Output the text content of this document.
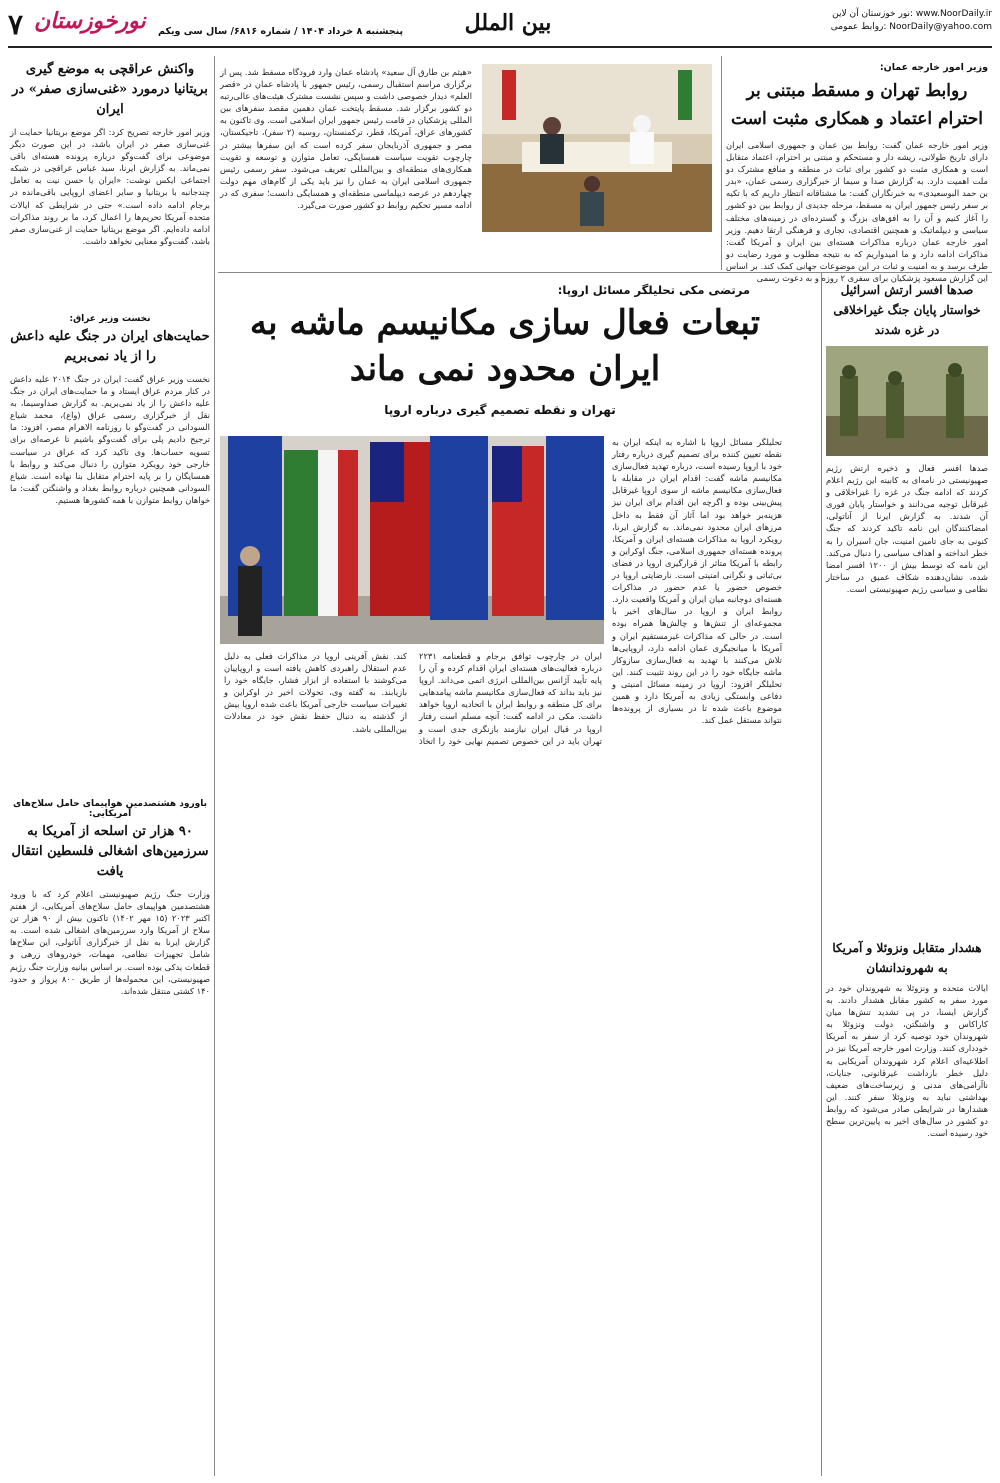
نور خوزستان آن لاین: www.NoorDaily.ir
روابط عمومی: NoorDaily@yahoo.com
بین الملل
۷ نورخوزستان پنجشنبه ۸ خرداد ۱۴۰۴ / شماره ۶۸۱۶/ سال سی ویکم
وزیر امور خارجه عمان:
روابط تهران و مسقط مبتنی بر احترام اعتماد و همکاری مثبت است
وزیر امور خارجه عمان گفت: روابط بین عمان و جمهوری اسلامی ایران دارای تاریخ طولانی، ریشه دار و مستحکم و مبتنی بر احترام، اعتماد متقابل است و همکاری مثبت دو کشور برای ثبات در منطقه و منافع مشترک دو ملت اهمیت دارد. به گزارش صدا و سیما از خبرگزاری رسمی عمان، «بدر بن حمد البوسعیدی» به خبرنگاران گفت: ما مشتاقانه انتظار داریم که با تکیه بر سفر رئیس جمهور ایران به مسقط، مرحله جدیدی از روابط بین دو کشور را آغاز کنیم و آن را به افق‌های بزرگ و گسترده‌ای در زمینه‌های مختلف سیاسی و دیپلماتیک و همچنین اقتصادی، تجاری و فرهنگی ارتقا دهیم. وزیر امور خارجه عمان درباره مذاکرات هسته‌ای بین ایران و آمریکا گفت: مذاکرات ادامه دارد و ما امیدواریم که به نتیجه مطلوب و مورد رضایت دو طرف برسد و به امنیت و ثبات در این موضوعات جهانی کمک کند. بر اساس این گزارش مسعود پزشکیان برای سفری ۲ روزه و به دعوت رسمی
«هیثم بن طارق آل سعید» پادشاه عمان وارد فرودگاه مسقط شد. پس از برگزاری مراسم استقبال رسمی، رئیس جمهور با پادشاه عمان در «قصر العلم» دیدار خصوصی داشت و سپس نشست مشترک هیئت‌های عالی‌رتبه دو کشور برگزار شد. مسقط پایتخت عمان دهمین مقصد سفرهای بین المللی پزشکیان در قامت رئیس جمهور ایران اسلامی است. وی تاکنون به کشورهای عراق، آمریکا، قطر، ترکمنستان، روسیه (۲ سفر)، تاجیکستان، مصر و جمهوری آذربایجان سفر کرده است که این سفرها بیشتر در چارچوب تقویت سیاست همسایگی، تعامل متوازن و توسعه و تقویت همکاری‌های منطقه‌ای و بین‌المللی تعریف می‌شود. سفر رسمی رئیس جمهوری اسلامی ایران به عمان را نیز باید یکی از گام‌های مهم دولت چهاردهم در عرصه دیپلماسی منطقه‌ای و همسایگی دانست؛ سفری که در ادامه مسیر تحکیم روابط دو کشور صورت می‌گیرد.
واکنش عراقچی به موضع گیری بریتانیا درمورد «غنی‌سازی صفر» در ایران
وزیر امور خارجه تصریح کرد: اگر موضع بریتانیا حمایت از غنی‌سازی صفر در ایران باشد، در این صورت دیگر موضوعی برای گفت‌وگو درباره پرونده هسته‌ای باقی نمی‌ماند. به گزارش ایرنا، سید عباس عراقچی در شبکه اجتماعی ایکس نوشت: «ایران یا حسن نیت به تعامل چندجانبه با بریتانیا و سایر اعضای اروپایی باقی‌مانده در برجام ادامه داده است.» حتی در شرایطی که ایالات متحده آمریکا تحریم‌ها را اعمال کرد، ما بر روند مذاکرات ادامه داده‌ایم. اگر موضع بریتانیا حمایت از غنی‌سازی صفر باشد، گفت‌وگو معنایی نخواهد داشت.
نخست وزیر عراق:
حمایت‌های ایران در جنگ علیه داعش را از یاد نمی‌بریم
نخست وزیر عراق گفت: ایران در جنگ ۲۰۱۴ علیه داعش در کنار مردم عراق ایستاد و ما حمایت‌های ایران در جنگ علیه داعش را از یاد نمی‌بریم. به گزارش صداوسیما، به نقل از خبرگزاری رسمی عراق (واع)، محمد شیاع السودانی در گفت‌وگو با روزنامه الاهرام مصر، افزود: ما ترجیح دادیم پلی برای گفت‌وگو باشیم تا عرصه‌ای برای تسویه حساب‌ها. وی تاکید کرد که عراق در سیاست خارجی خود رویکرد متوازن را دنبال می‌کند و روابط با همسایگان را بر پایه احترام متقابل بنا نهاده است. شیاع السودانی همچنین درباره روابط بغداد و واشنگتن گفت: ما خواهان روابط متوازن با همه کشورها هستیم.
باورود هشتصدمین هواپیمای حامل سلاح‌های آمریکایی:
۹۰ هزار تن اسلحه از آمریکا به سرزمین‌های اشغالی فلسطین انتقال یافت
وزارت جنگ رژیم صهیونیستی اعلام کرد که با ورود هشتصدمین هواپیمای حامل سلاح‌های آمریکایی، از هفتم اکتبر ۲۰۲۳ (۱۵ مهر ۱۴۰۲) تاکنون بیش از ۹۰ هزار تن سلاح از آمریکا وارد سرزمین‌های اشغالی شده است. به گزارش ایرنا به نقل از خبرگزاری آناتولی، این سلاح‌ها شامل تجهیزات نظامی، مهمات، خودروهای زرهی و قطعات یدکی بوده است. بر اساس بیانیه وزارت جنگ رژیم صهیونیستی، این محموله‌ها از طریق ۸۰۰ پرواز و حدود ۱۴۰ کشتی منتقل شده‌اند.
مرتضی مکی تحلیلگر مسائل اروپا:
تبعات فعال سازی مکانیسم ماشه به ایران محدود نمی ماند
تهران و نقطه تصمیم گیری درباره اروپا
تحلیلگر مسائل اروپا با اشاره به اینکه ایران به نقطه تعیین کننده برای تصمیم گیری درباره رفتار خود با اروپا رسیده است، درباره تهدید فعال‌سازی مکانیسم ماشه گفت: اقدام ایران در مقابله با فعال‌سازی مکانیسم ماشه از سوی اروپا غیرقابل پیش‌بینی بوده و اگرچه این اقدام برای ایران نیز هزینه‌بر خواهد بود اما آثار آن فقط به داخل مرزهای ایران محدود نمی‌ماند. به گزارش ایرنا، رویکرد اروپا به مذاکرات هسته‌ای ایران و آمریکا، پرونده هسته‌ای جمهوری اسلامی، جنگ اوکراین و رابطه با آمریکا متاثر از قرارگیری اروپا در فضای بی‌ثباتی و نگرانی امنیتی است. نارضایتی اروپا در خصوص حضور یا عدم حضور در مذاکرات هسته‌ای دوجانبه میان ایران و آمریکا واقعیت دارد. روابط ایران و اروپا در سال‌های اخیر با مجموعه‌ای از تنش‌ها و چالش‌ها همراه بوده است. در حالی که مذاکرات غیرمستقیم ایران و آمریکا با میانجیگری عمان ادامه دارد، اروپایی‌ها تلاش می‌کنند با تهدید به فعال‌سازی سازوکار ماشه جایگاه خود را در این روند تثبیت کنند. این تحلیلگر افزود: اروپا در زمینه مسائل امنیتی و دفاعی وابستگی زیادی به آمریکا دارد و همین موضوع باعث شده تا در بسیاری از پرونده‌ها نتواند مستقل عمل کند.
ایران در چارچوب توافق برجام و قطعنامه ۲۲۳۱ درباره فعالیت‌های هسته‌ای ایران اقدام کرده و آن را پایه تأیید آژانس بین‌المللی انرژی اتمی می‌داند. اروپا نیز باید بداند که فعال‌سازی مکانیسم ماشه پیامدهایی برای کل منطقه و روابط ایران با اتحادیه اروپا خواهد داشت. مکی در ادامه گفت: آنچه مسلم است رفتار اروپا در قبال ایران نیازمند بازنگری جدی است و تهران باید در این خصوص تصمیم نهایی خود را اتخاذ کند. نقش آفرینی اروپا در مذاکرات فعلی به دلیل عدم استقلال راهبردی کاهش یافته است و اروپاییان می‌کوشند با استفاده از ابزار فشار، جایگاه خود را بازیابند. به گفته وی، تحولات اخیر در اوکراین و تغییرات سیاست خارجی آمریکا باعث شده اروپا بیش از گذشته به دنبال حفظ نقش خود در معادلات بین‌المللی باشد.
صدها افسر ارتش اسرائیل خواستار پایان جنگ غیراخلاقی در غزه شدند
صدها افسر فعال و ذخیره ارتش رژیم صهیونیستی در نامه‌ای به کابینه این رژیم اعلام کردند که ادامه جنگ در غزه را غیراخلاقی و غیرقابل توجیه می‌دانند و خواستار پایان فوری آن شدند. به گزارش ایرنا از آناتولی، امضاکنندگان این نامه تاکید کردند که جنگ کنونی به جای تامین امنیت، جان اسیران را به خطر انداخته و اهداف سیاسی را دنبال می‌کند. این نامه که توسط بیش از ۱۲۰۰ افسر امضا شده، نشان‌دهنده شکاف عمیق در ساختار نظامی و سیاسی رژیم صهیونیستی است.
هشدار متقابل ونزوئلا و آمریکا به شهروندانشان
ایالات متحده و ونزوئلا به شهروندان خود در مورد سفر به کشور مقابل هشدار دادند. به گزارش ایسنا، در پی تشدید تنش‌ها میان کاراکاس و واشنگتن، دولت ونزوئلا به شهروندان خود توصیه کرد از سفر به آمریکا خودداری کنند. وزارت امور خارجه آمریکا نیز در اطلاعیه‌ای اعلام کرد شهروندان آمریکایی به دلیل خطر بازداشت غیرقانونی، جنایات، ناآرامی‌های مدنی و زیرساخت‌های ضعیف بهداشتی نباید به ونزوئلا سفر کنند. این هشدارها در شرایطی صادر می‌شود که روابط دو کشور در سال‌های اخیر به پایین‌ترین سطح خود رسیده است.
